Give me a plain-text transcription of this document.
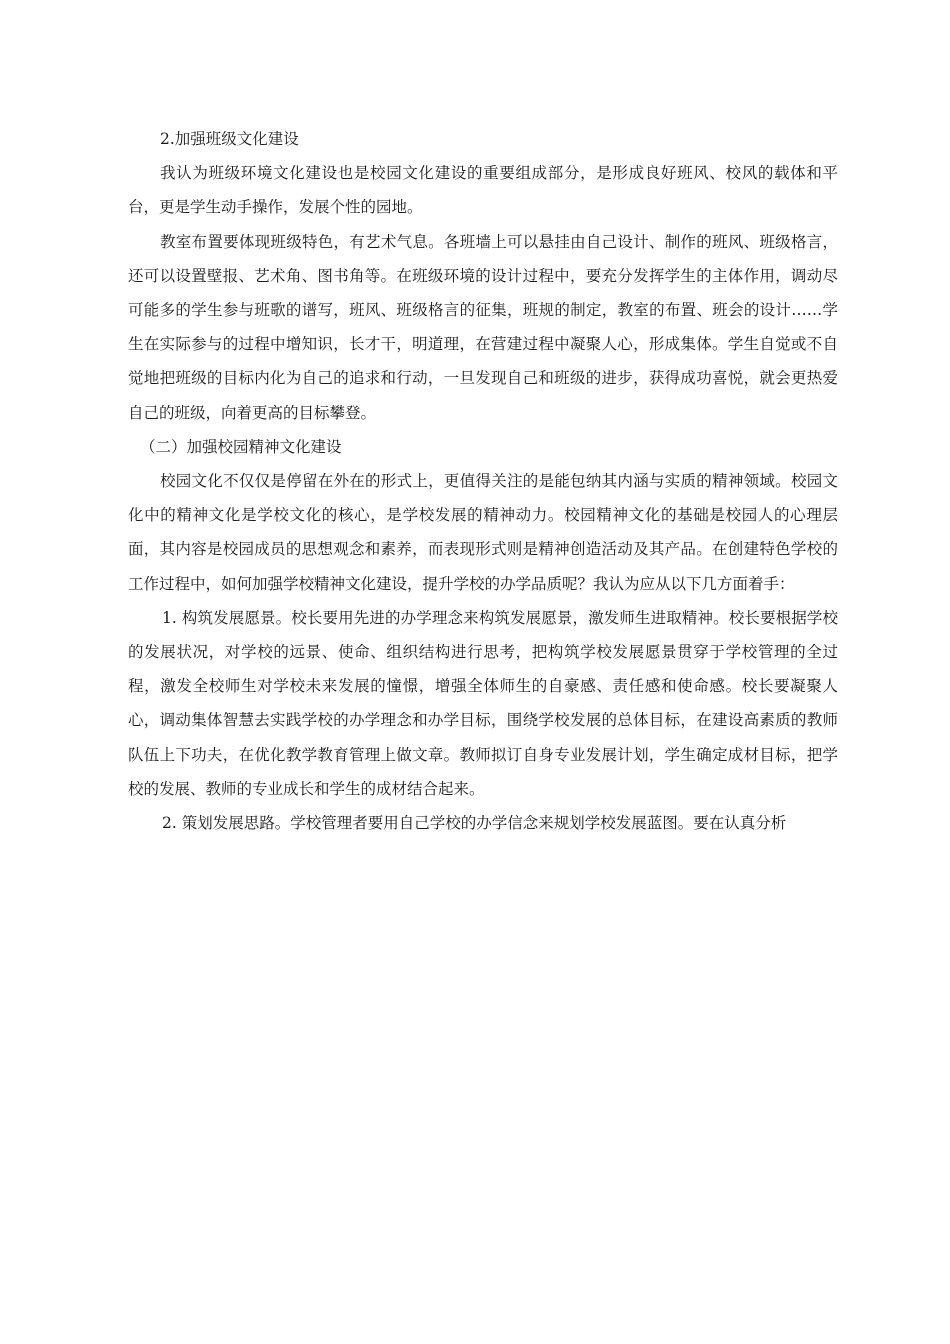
2.加强班级文化建设

我认为班级环境文化建设也是校园文化建设的重要组成部分，是形成良好班风、校风的载体和平台，更是学生动手操作，发展个性的园地。

教室布置要体现班级特色，有艺术气息。各班墙上可以悬挂由自己设计、制作的班风、班级格言，还可以设置壁报、艺术角、图书角等。在班级环境的设计过程中，要充分发挥学生的主体作用，调动尽可能多的学生参与班歌的谱写，班风、班级格言的征集，班规的制定，教室的布置、班会的设计……学生在实际参与的过程中增知识，长才干，明道理，在营建过程中凝聚人心，形成集体。学生自觉或不自觉地把班级的目标内化为自己的追求和行动，一旦发现自己和班级的进步，获得成功喜悦，就会更热爱自己的班级，向着更高的目标攀登。

（二）加强校园精神文化建设

校园文化不仅仅是停留在外在的形式上，更值得关注的是能包纳其内涵与实质的精神领域。校园文化中的精神文化是学校文化的核心，是学校发展的精神动力。校园精神文化的基础是校园人的心理层面，其内容是校园成员的思想观念和素养，而表现形式则是精神创造活动及其产品。在创建特色学校的工作过程中，如何加强学校精神文化建设，提升学校的办学品质呢？我认为应从以下几方面着手：

1. 构筑发展愿景。校长要用先进的办学理念来构筑发展愿景，激发师生进取精神。校长要根据学校的发展状况，对学校的远景、使命、组织结构进行思考，把构筑学校发展愿景贯穿于学校管理的全过程，激发全校师生对学校未来发展的憧憬，增强全体师生的自豪感、责任感和使命感。校长要凝聚人心，调动集体智慧去实践学校的办学理念和办学目标，围绕学校发展的总体目标，在建设高素质的教师队伍上下功夫，在优化教学教育管理上做文章。教师拟订自身专业发展计划，学生确定成材目标，把学校的发展、教师的专业成长和学生的成材结合起来。

2. 策划发展思路。学校管理者要用自己学校的办学信念来规划学校发展蓝图。要在认真分析
